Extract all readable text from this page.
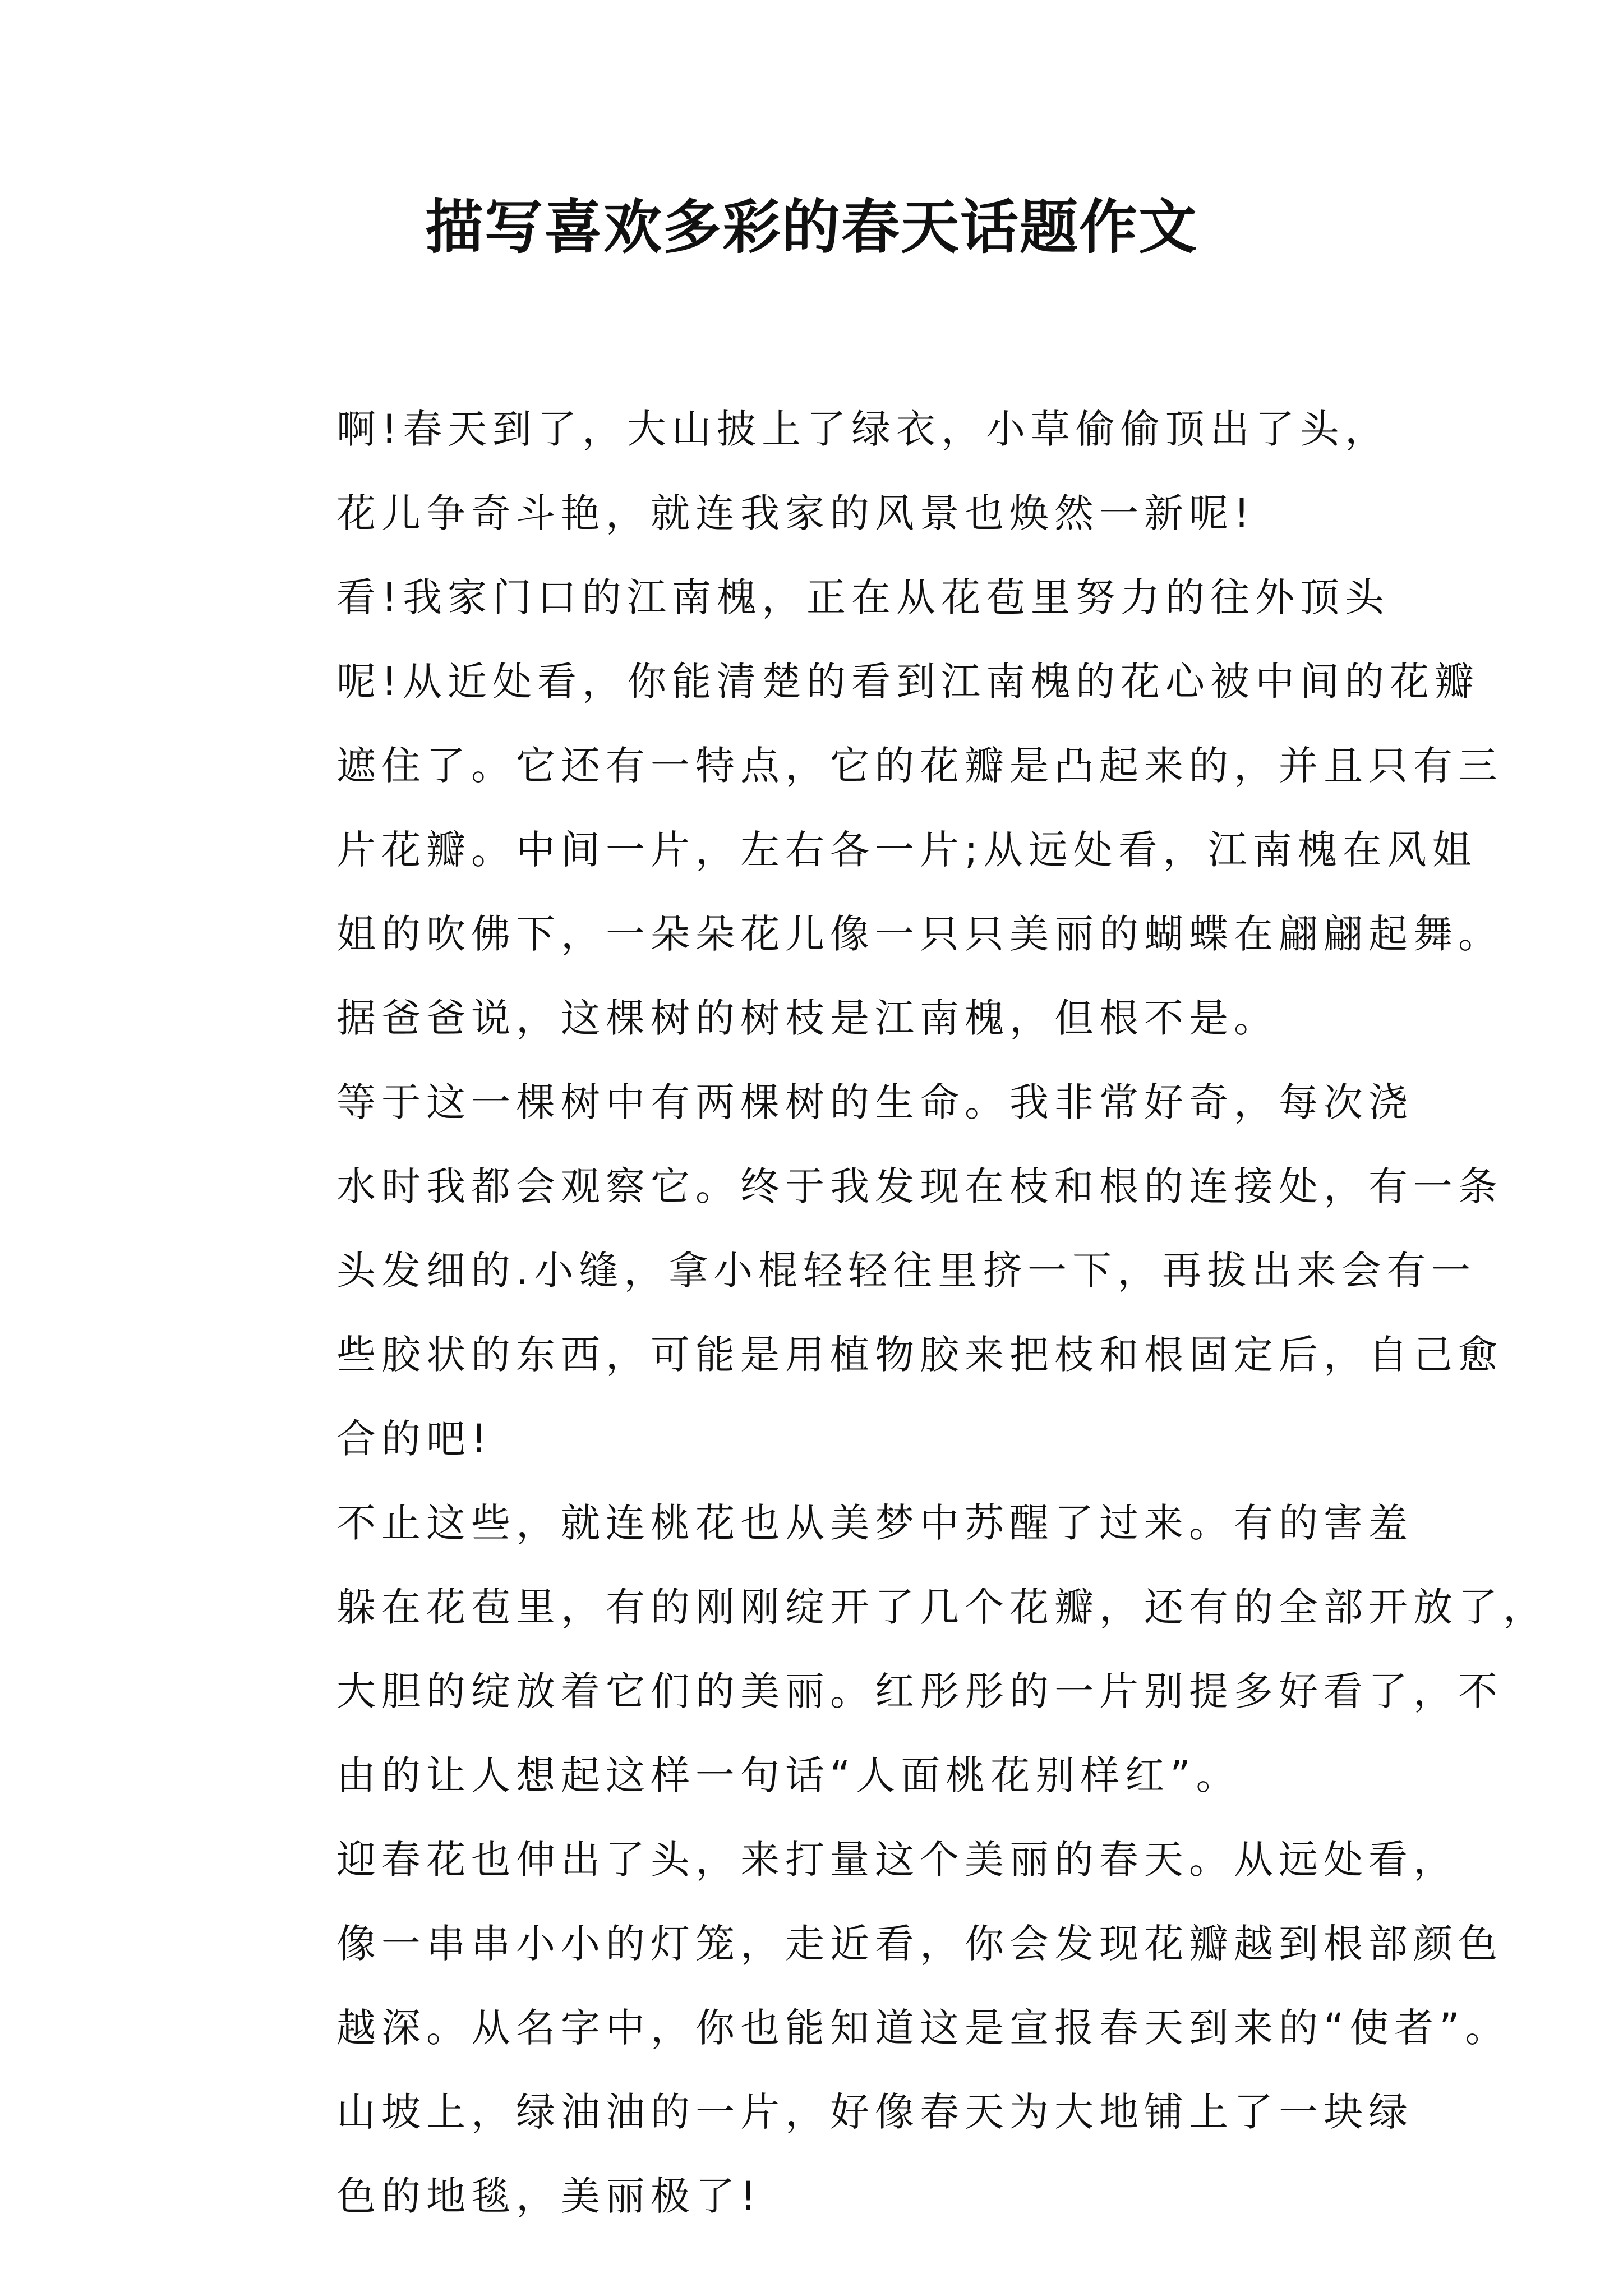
描写喜欢多彩的春天话题作文

啊!春天到了，大山披上了绿衣，小草偷偷顶出了头，
花儿争奇斗艳，就连我家的风景也焕然一新呢!

看!我家门口的江南槐，正在从花苞里努力的往外顶头
呢!从近处看，你能清楚的看到江南槐的花心被中间的花瓣
遮住了。它还有一特点，它的花瓣是凸起来的，并且只有三
片花瓣。中间一片，左右各一片;从远处看，江南槐在风姐
姐的吹佛下，一朵朵花儿像一只只美丽的蝴蝶在翩翩起舞。
据爸爸说，这棵树的树枝是江南槐，但根不是。

等于这一棵树中有两棵树的生命。我非常好奇，每次浇
水时我都会观察它。终于我发现在枝和根的连接处，有一条
头发细的.小缝，拿小棍轻轻往里挤一下，再拔出来会有一
些胶状的东西，可能是用植物胶来把枝和根固定后，自己愈
合的吧!

不止这些，就连桃花也从美梦中苏醒了过来。有的害羞
躲在花苞里，有的刚刚绽开了几个花瓣，还有的全部开放了，
大胆的绽放着它们的美丽。红彤彤的一片别提多好看了，不
由的让人想起这样一句话“人面桃花别样红”。

迎春花也伸出了头，来打量这个美丽的春天。从远处看，
像一串串小小的灯笼，走近看，你会发现花瓣越到根部颜色
越深。从名字中，你也能知道这是宣报春天到来的“使者”。

山坡上，绿油油的一片，好像春天为大地铺上了一块绿
色的地毯，美丽极了!
